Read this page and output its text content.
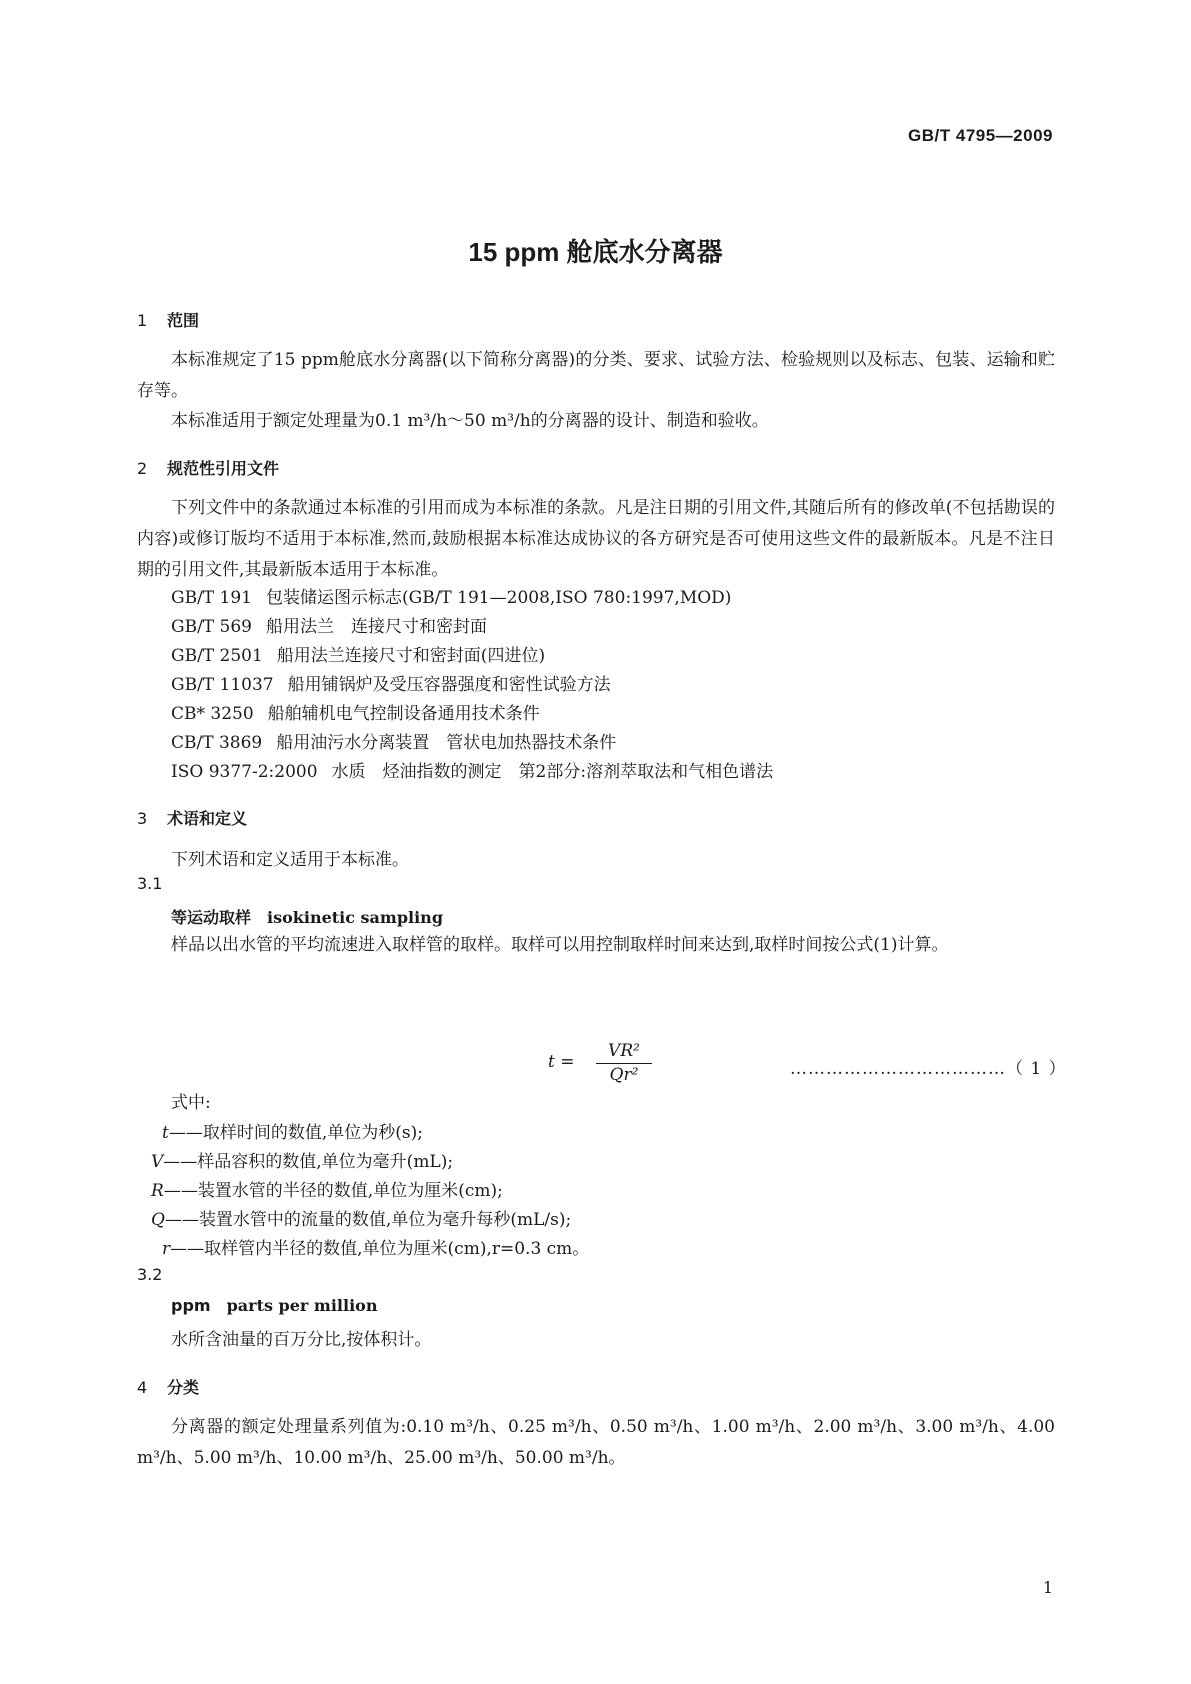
GB/T 4795—2009
15 ppm 舱底水分离器
1 范围
本标准规定了15 ppm舱底水分离器(以下简称分离器)的分类、要求、试验方法、检验规则以及标志、包装、运输和贮存等。
本标准适用于额定处理量为0.1 m³/h～50 m³/h的分离器的设计、制造和验收。
2 规范性引用文件
下列文件中的条款通过本标准的引用而成为本标准的条款。凡是注日期的引用文件,其随后所有的修改单(不包括勘误的内容)或修订版均不适用于本标准,然而,鼓励根据本标准达成协议的各方研究是否可使用这些文件的最新版本。凡是不注日期的引用文件,其最新版本适用于本标准。
GB/T 191 包装储运图示标志(GB/T 191—2008,ISO 780:1997,MOD)
GB/T 569 船用法兰　连接尺寸和密封面
GB/T 2501 船用法兰连接尺寸和密封面(四进位)
GB/T 11037 船用铺锅炉及受压容器强度和密性试验方法
CB* 3250 船舶辅机电气控制设备通用技术条件
CB/T 3869 船用油污水分离装置　管状电加热器技术条件
ISO 9377-2:2000 水质　烃油指数的测定　第2部分:溶剂萃取法和气相色谱法
3 术语和定义
下列术语和定义适用于本标准。
3.1
等运动取样 isokinetic sampling
样品以出水管的平均流速进入取样管的取样。取样可以用控制取样时间来达到,取样时间按公式(1)计算。
$t = \frac{\text{VR²}}{\text{Qr²}}$	………………………………（ 1 ）
式中:
t——取样时间的数值,单位为秒(s);
V——样品容积的数值,单位为毫升(mL);
R——装置水管的半径的数值,单位为厘米(cm);
Q——装置水管中的流量的数值,单位为毫升每秒(mL/s);
r——取样管内半径的数值,单位为厘米(cm),r=0.3 cm。
3.2
ppm parts per million
水所含油量的百万分比,按体积计。
4 分类
分离器的额定处理量系列值为:0.10 m³/h、0.25 m³/h、0.50 m³/h、1.00 m³/h、2.00 m³/h、3.00 m³/h、4.00 m³/h、5.00 m³/h、10.00 m³/h、25.00 m³/h、50.00 m³/h。
1
